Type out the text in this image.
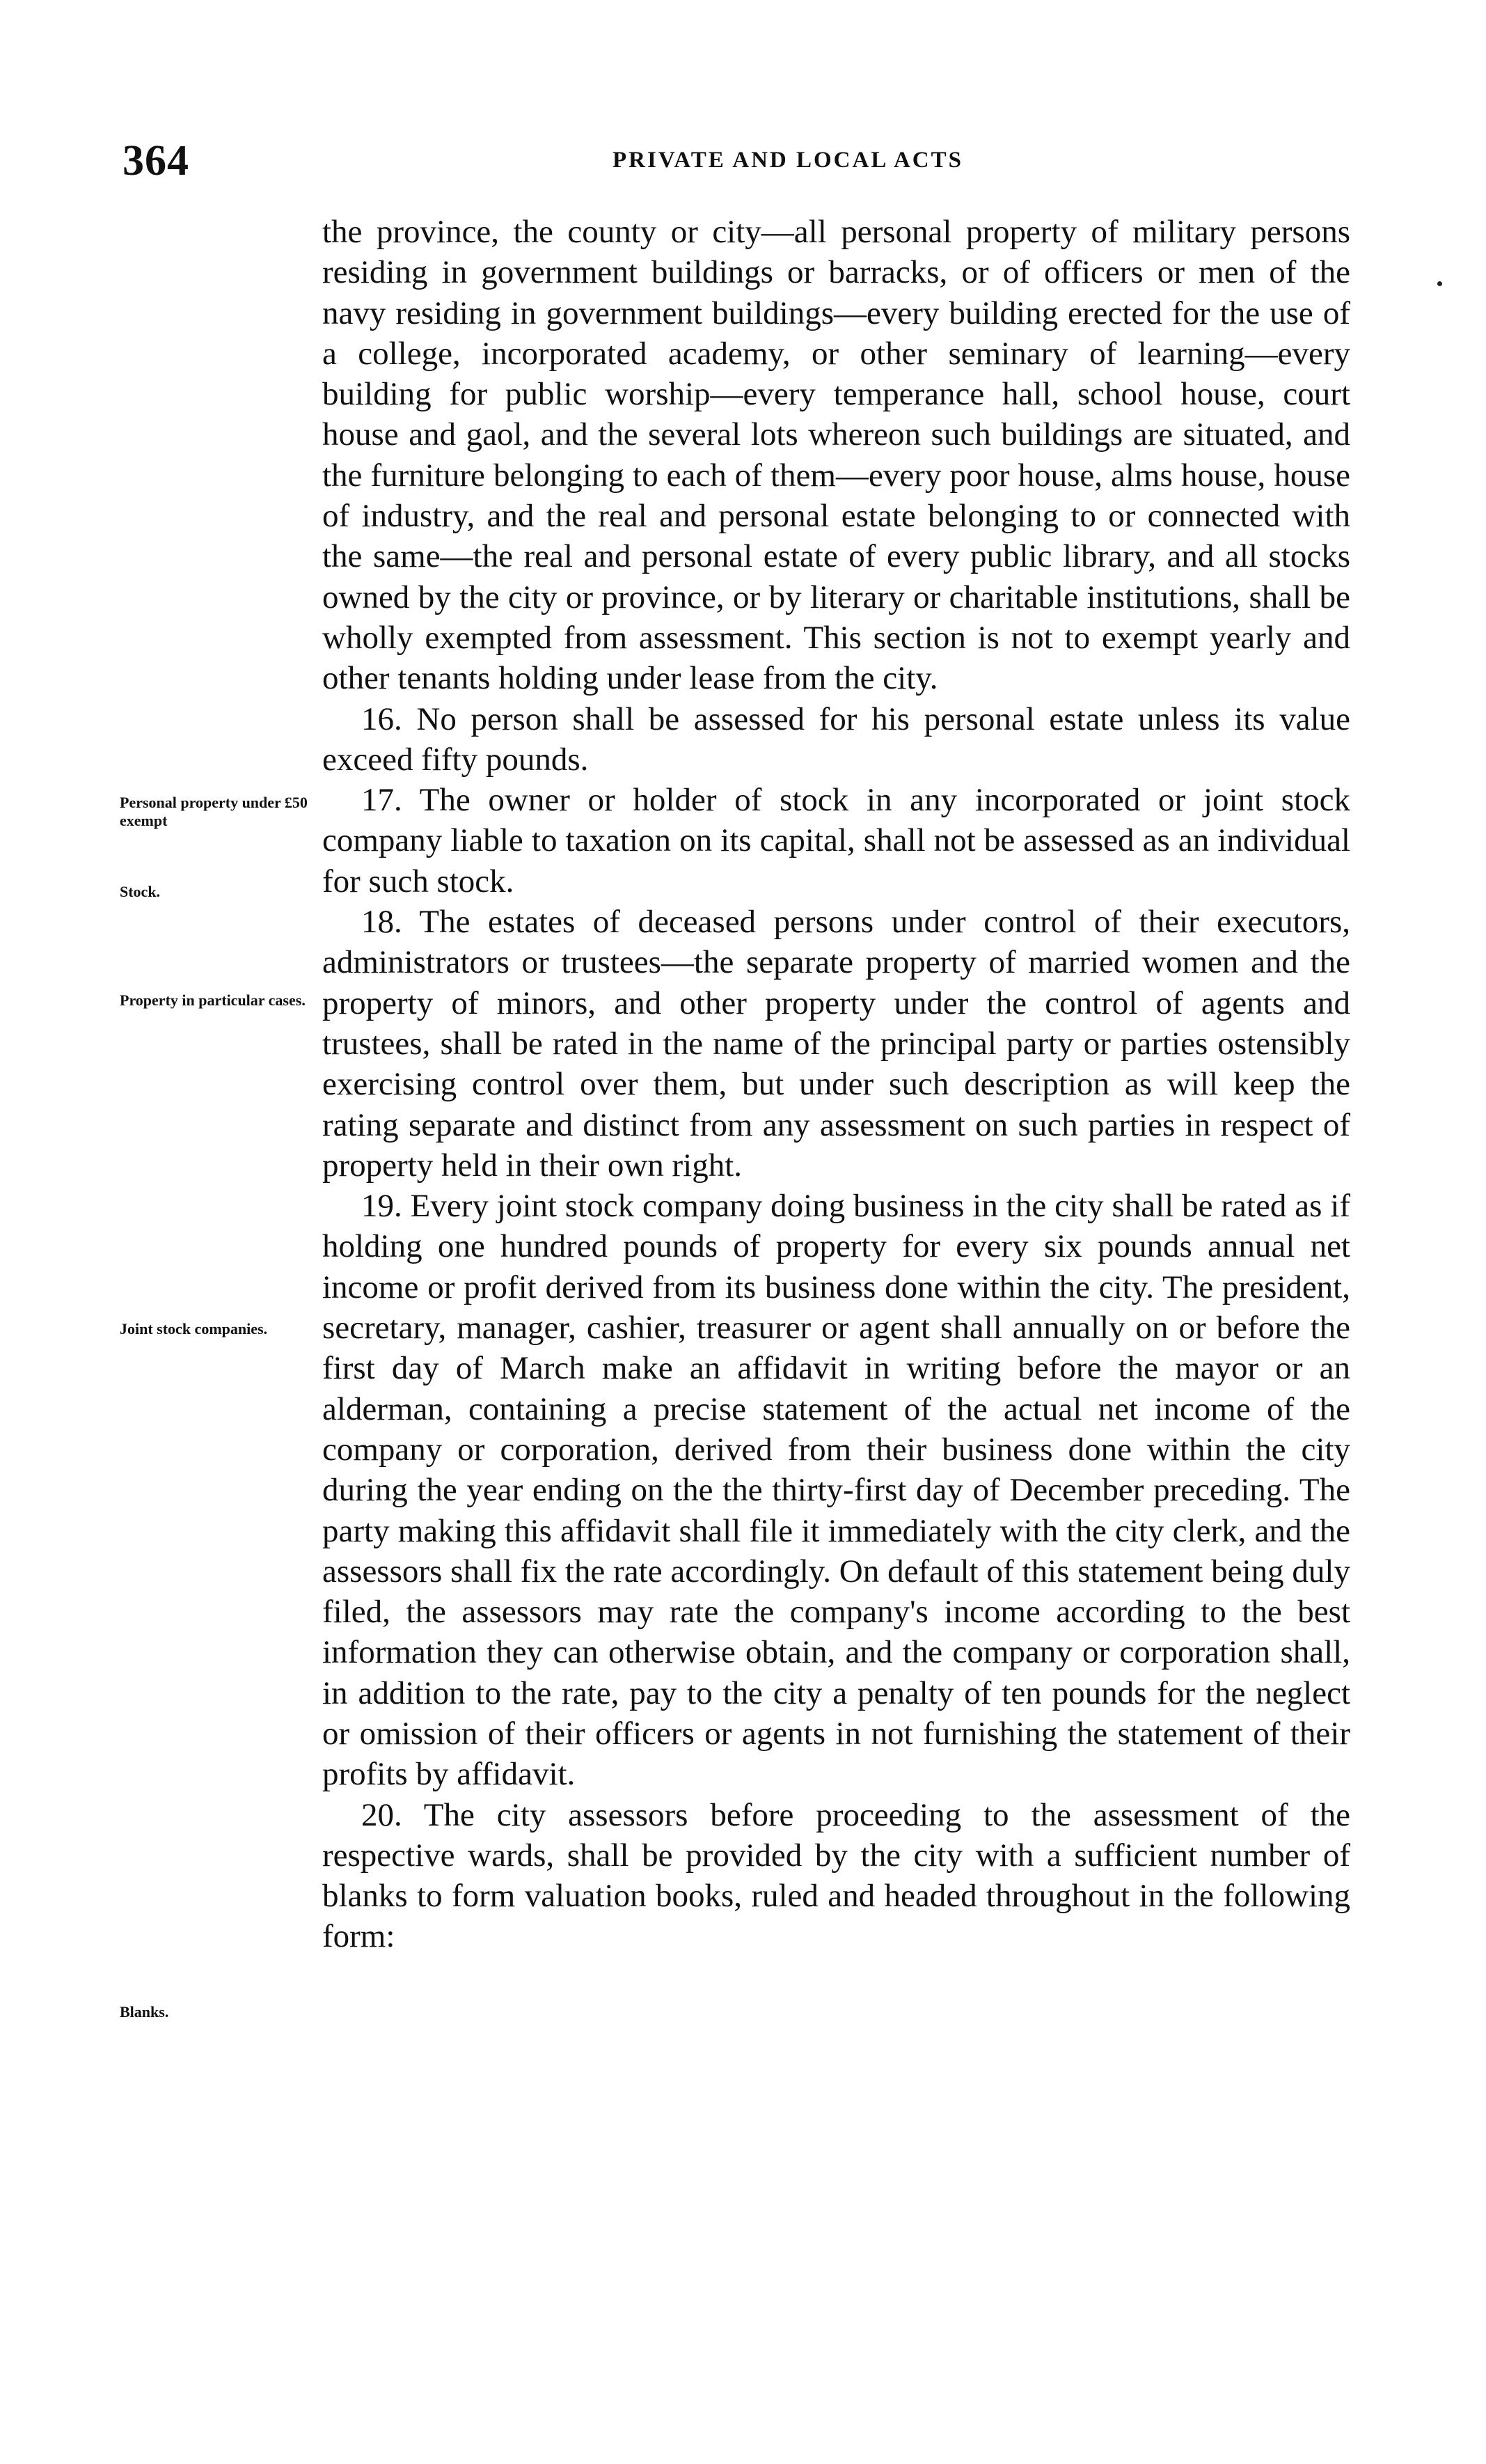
364	PRIVATE AND LOCAL ACTS
Personal property under £50 exempt
Stock.
Property in particular cases.
Joint stock companies.
Blanks.

the province, the county or city—all personal property of military persons residing in government buildings or barracks, or of officers or men of the navy residing in government buildings—every building erected for the use of a college, incorporated academy, or other seminary of learning—every building for public worship—every temperance hall, school house, court house and gaol, and the several lots whereon such buildings are situated, and the furniture belonging to each of them—every poor house, alms house, house of industry, and the real and personal estate belonging to or connected with the same—the real and personal estate of every public library, and all stocks owned by the city or province, or by literary or charitable institutions, shall be wholly exempted from assessment. This section is not to exempt yearly and other tenants holding under lease from the city.

16. No person shall be assessed for his personal estate unless its value exceed fifty pounds.

17. The owner or holder of stock in any incorporated or joint stock company liable to taxation on its capital, shall not be assessed as an individual for such stock.

18. The estates of deceased persons under control of their executors, administrators or trustees—the separate property of married women and the property of minors, and other property under the control of agents and trustees, shall be rated in the name of the principal party or parties ostensibly exercising control over them, but under such description as will keep the rating separate and distinct from any assessment on such parties in respect of property held in their own right.

19. Every joint stock company doing business in the city shall be rated as if holding one hundred pounds of property for every six pounds annual net income or profit derived from its business done within the city. The president, secretary, manager, cashier, treasurer or agent shall annually on or before the first day of March make an affidavit in writing before the mayor or an alderman, containing a precise statement of the actual net income of the company or corporation, derived from their business done within the city during the year ending on the the thirty-first day of December preceding. The party making this affidavit shall file it immediately with the city clerk, and the assessors shall fix the rate accordingly. On default of this statement being duly filed, the assessors may rate the company's income according to the best information they can otherwise obtain, and the company or corporation shall, in addition to the rate, pay to the city a penalty of ten pounds for the neglect or omission of their officers or agents in not furnishing the statement of their profits by affidavit.

20. The city assessors before proceeding to the assessment of the respective wards, shall be provided by the city with a sufficient number of blanks to form valuation books, ruled and headed throughout in the following form:
